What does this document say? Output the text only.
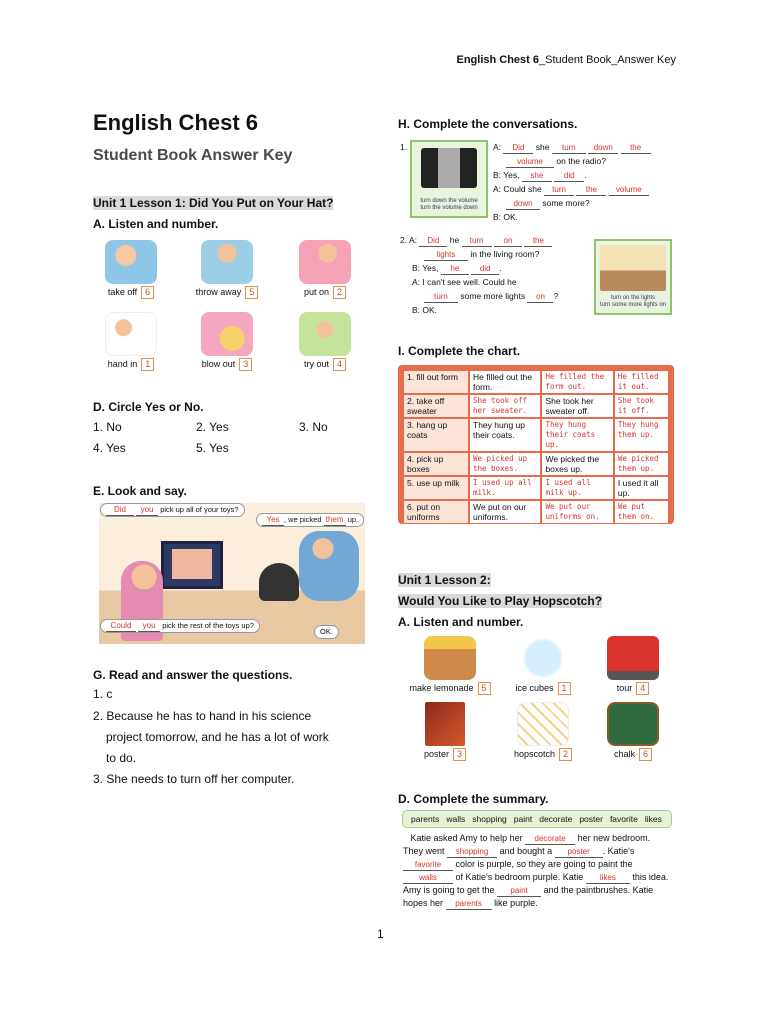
English Chest 6_Student Book_Answer Key
English Chest 6
Student Book Answer Key
Unit 1 Lesson 1: Did You Put on Your Hat?
A. Listen and number.
take off 6	throw away 5	put on 2
hand in 1	blow out 3	try out 4
D. Circle Yes or No.
1. No	2. Yes	3. No
4. Yes	5. Yes
E. Look and say.
Did you pick up all of your toys?
Yes , we picked them up.
Could you pick the rest of the toys up?
OK.
G. Read and answer the questions.
1. c
2. Because he has to hand in his science
project tomorrow, and he has a lot of work
to do.
3. She needs to turn off her computer.
H. Complete the conversations.
1.
turn down the volume
turn the volume down
A: Did she turn down the
volume on the radio?
B: Yes, she	did .
A: Could she turn the volume
down some more?
B: OK.
2. A: Did he turn	on	the
lights in the living room?
B: Yes, he	did .
A: I can't see well. Could he
turn some more lights on ?
B: OK.
turn on the lights
turn some more lights on
I. Complete the chart.
1. fill out form	He filled out the form.	He filled the form out.	He filled it out.
2. take off sweater	She took off her sweater.	She took her sweater off.	She took it off.
3. hang up coats	They hung up their coats.	They hung their coats up.	They hung them up.
4. pick up boxes	We picked up the boxes.	We picked the boxes up.	We picked them up.
5. use up milk	I used up all milk.	I used all milk up.	I used it all up.
6. put on uniforms	We put on our uniforms.	We put our uniforms on.	We put them on.
Unit 1 Lesson 2:
Would You Like to Play Hopscotch?
A. Listen and number.
make lemonade 5	ice cubes 1	tour 4
poster 3	hopscotch 2	chalk 6
D. Complete the summary.
parents walls shopping paint decorate poster favorite likes
Katie asked Amy to help her decorate her new bedroom.
They went shopping and bought a poster . Katie's
favorite color is purple, so they are going to paint the
walls of Katie's bedroom purple. Katie likes this idea.
Amy is going to get the paint and the paintbrushes. Katie
hopes her parents like purple.
1
